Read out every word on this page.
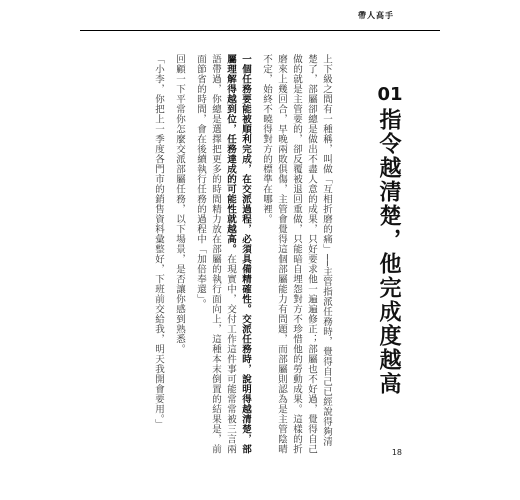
帶人高手
01
指令越清楚，他完成度越高

上下級之間有一種稱，叫做「互相折磨的痛」──主管指派任務時，覺得自己已經說得夠清楚了，部屬卻總是做出不盡人意的成果，只好要求他一遍遍修正；部屬也不好過，覺得自己做的就是主管要的，卻反覆被退回重做，只能暗自埋怨對方不珍惜他的勞動成果。這樣的折磨來上幾回合，早晚兩敗俱傷，主管會覺得這個部屬能力有問題，而部屬則認為是主管陰晴不定，始終不曉得對方的標準在哪裡。

一個任務要能被順利完成，在交派過程，必須具備精確性。交派任務時，說明得越清楚，部屬理解得越到位，任務達成的可能性就越高。在現實中，交付工作這件事可能常常被三言兩語帶過，你總是選擇把更多的時間精力放在部屬的執行面向上，這種本末倒置的結果是，前面節省的時間，會在後續執行任務的過程中「加倍奉還」。

回顧一下平常你怎麼交派部屬任務，以下場景，是否讓你感到熟悉。

「小李，你把上一季度各門市的銷售資料彙整好，下班前交給我，明天我開會要用。」

18
